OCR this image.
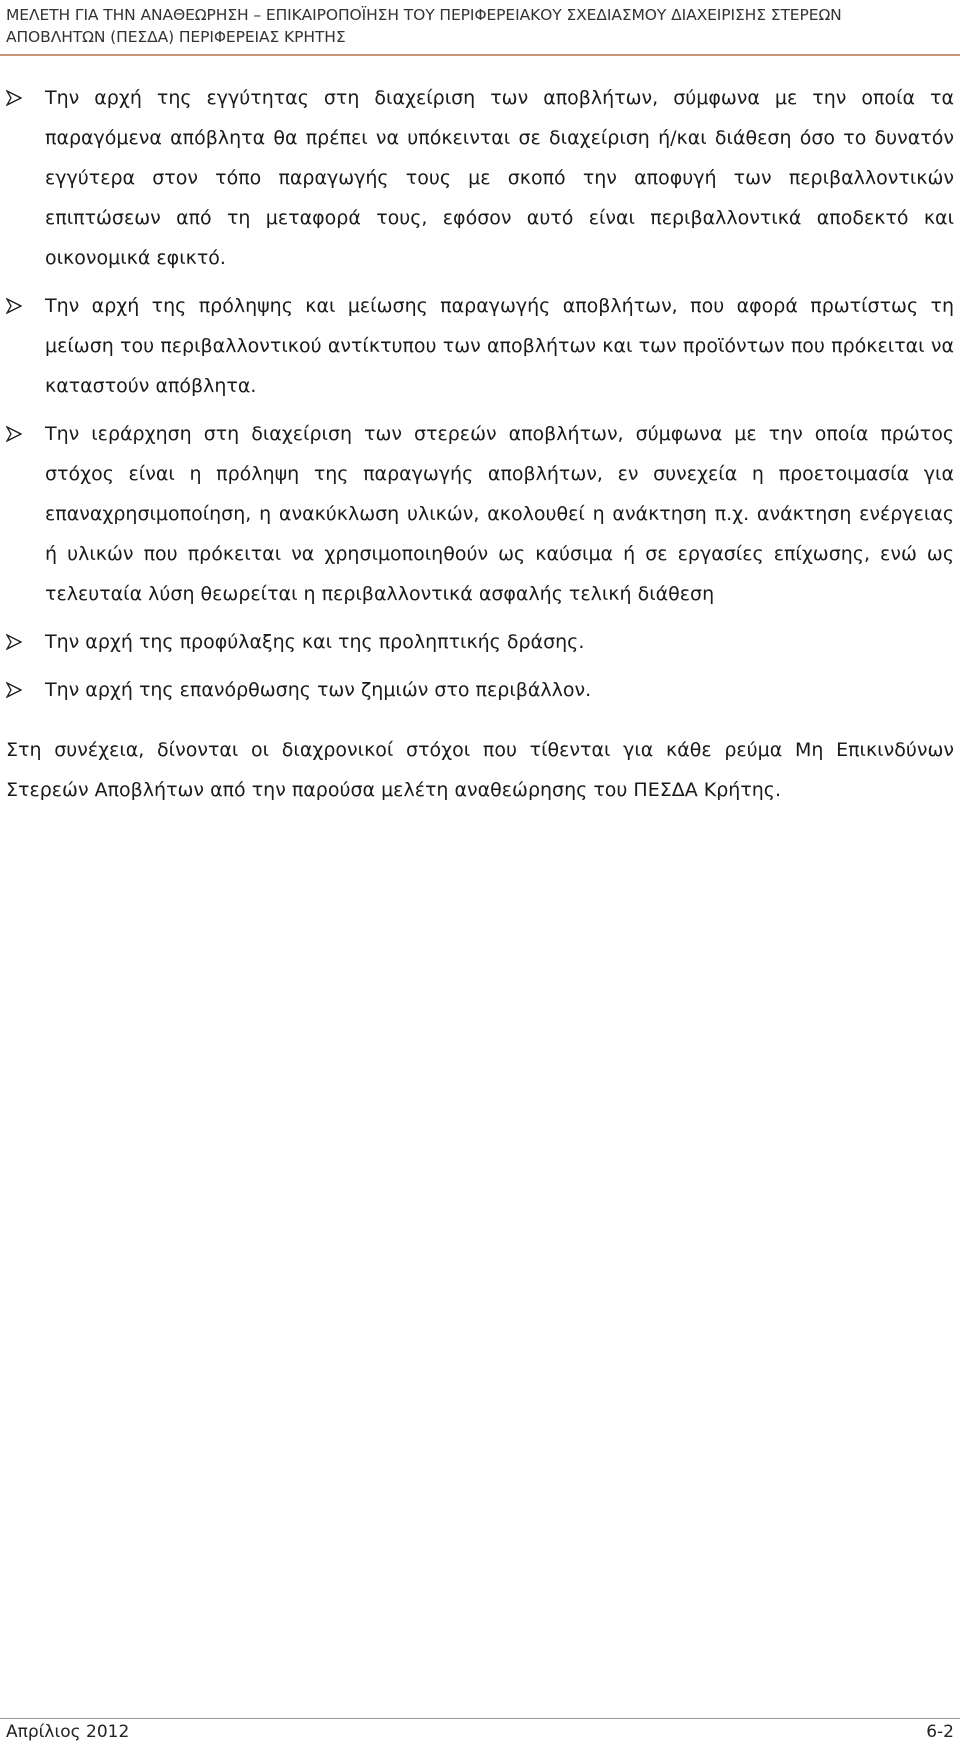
ΜΕΛΕΤΗ ΓΙΑ ΤΗΝ ΑΝΑΘΕΩΡΗΣΗ – ΕΠΙΚΑΙΡΟΠΟΪΗΣΗ ΤΟΥ ΠΕΡΙΦΕΡΕΙΑΚΟΥ ΣΧΕΔΙΑΣΜΟΥ ΔΙΑΧΕΙΡΙΣΗΣ ΣΤΕΡΕΩΝ ΑΠΟΒΛΗΤΩΝ (ΠΕΣΔΑ) ΠΕΡΙΦΕΡΕΙΑΣ ΚΡΗΤΗΣ
Την αρχή της εγγύτητας στη διαχείριση των αποβλήτων, σύμφωνα με την οποία τα παραγόμενα απόβλητα θα πρέπει να υπόκεινται σε διαχείριση ή/και διάθεση όσο το δυνατόν εγγύτερα στον τόπο παραγωγής τους με σκοπό την αποφυγή των περιβαλλοντικών επιπτώσεων από τη μεταφορά τους, εφόσον αυτό είναι περιβαλλοντικά αποδεκτό και οικονομικά εφικτό.
Την αρχή της πρόληψης και μείωσης παραγωγής αποβλήτων, που αφορά πρωτίστως τη μείωση του περιβαλλοντικού αντίκτυπου των αποβλήτων και των προϊόντων που πρόκειται να καταστούν απόβλητα.
Την ιεράρχηση στη διαχείριση των στερεών αποβλήτων, σύμφωνα με την οποία πρώτος στόχος είναι η πρόληψη της παραγωγής αποβλήτων, εν συνεχεία η προετοιμασία για επαναχρησιμοποίηση, η ανακύκλωση υλικών, ακολουθεί η ανάκτηση π.χ. ανάκτηση ενέργειας ή υλικών που πρόκειται να χρησιμοποιηθούν ως καύσιμα ή σε εργασίες επίχωσης, ενώ ως τελευταία λύση θεωρείται η περιβαλλοντικά ασφαλής τελική διάθεση
Την αρχή της προφύλαξης και της προληπτικής δράσης.
Την αρχή της επανόρθωσης των ζημιών στο περιβάλλον.

Στη συνέχεια, δίνονται οι διαχρονικοί στόχοι που τίθενται για κάθε ρεύμα Μη Επικινδύνων Στερεών Αποβλήτων από την παρούσα μελέτη αναθεώρησης του ΠΕΣΔΑ Κρήτης.

Απρίλιος 2012	6-2
